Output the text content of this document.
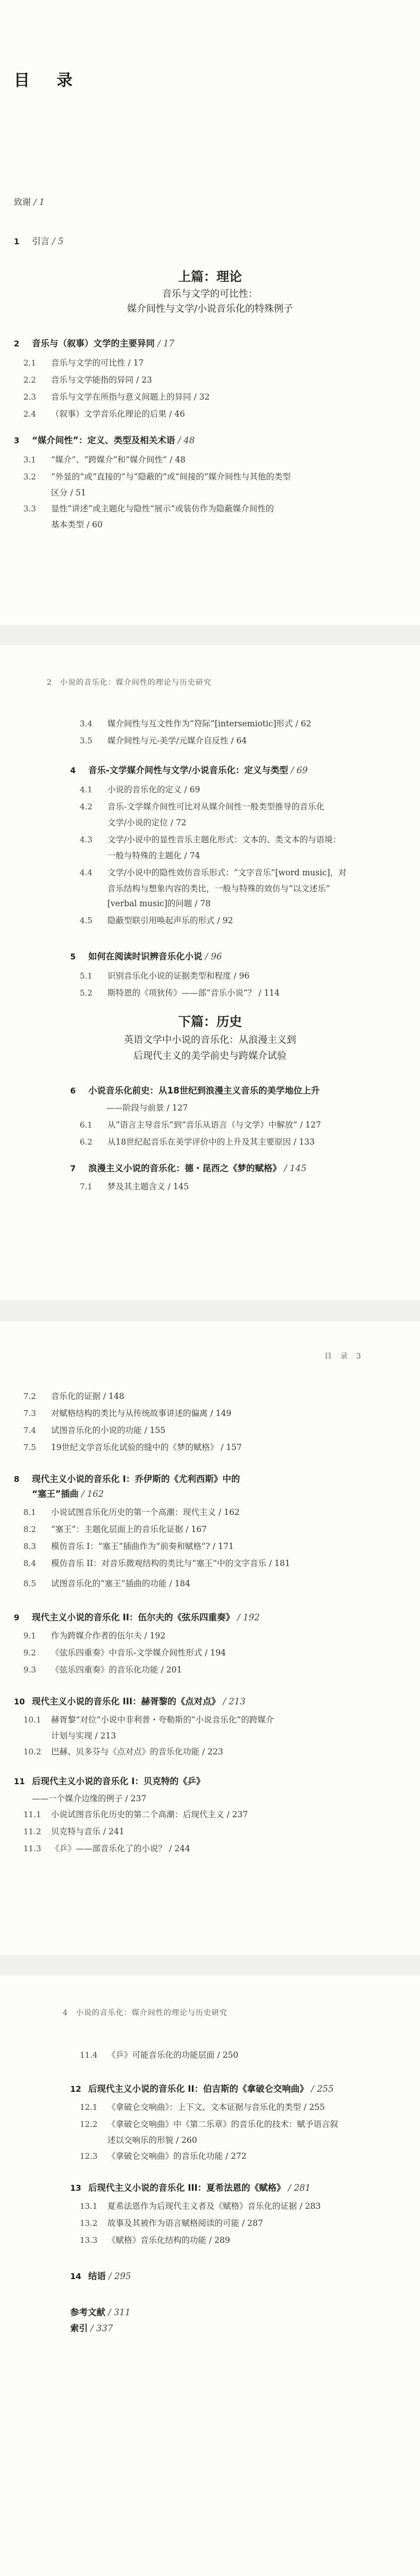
目 录
致谢 / 1
1 引言 / 5
上篇：理论
音乐与文学的可比性：
媒介间性与文学/小说音乐化的特殊例子
2 音乐与（叙事）文学的主要异同 / 17
2.1 音乐与文学的可比性 / 17
2.2 音乐与文学能指的异同 / 23
2.3 音乐与文学在所指与意义间题上的异同 / 32
2.4 （叙事）文学音乐化理论的后果 / 46
3 “媒介间性”：定义、类型及相关术语 / 48
3.1 “媒介”、“跨媒介”和“媒介间性” / 48
3.2 “外显的”或“直接的”与“隐蔽的”或“间接的”媒介间性与其他的类型
区分 / 51
3.3 显性“讲述”或主题化与隐性“展示”或装仿作为隐蔽媒介间性的
基本类型 / 60
2　小说的音乐化：媒介间性的理论与历史研究
3.4 媒介间性与互文性作为“符际”[intersemiotic]形式 / 62
3.5 媒介间性与元-美学/元媒介自反性 / 64
4 音乐-文学媒介间性与文学/小说音乐化：定义与类型 / 69
4.1 小说的音乐化的定义 / 69
4.2 音乐-文学媒介间性可比对从媒介间性一般类型推导的音乐化
文学/小说的定位 / 72
4.3 文学/小说中的显性音乐主题化形式：文本的、类文本的与语境：
一般与特殊的主题化 / 74
4.4 文学/小说中的隐性效仿音乐形式：“文字音乐”[word music]，对
音乐结构与想象内容的类比，一般与特殊的效仿与“以文述乐”
[verbal music]的问题 / 78
4.5 隐蔽型联引用唤起声乐的形式 / 92
5 如何在阅读时识辨音乐化小说 / 96
5.1 识别音乐化小说的证据类型和程度 / 96
5.2 斯特恩的《项狄传》——部“音乐小说”？ / 114
下篇：历史
英语文学中小说的音乐化：从浪漫主义到
后现代主义的美学前史与跨媒介试验
6 小说音乐化前史：从18世纪到浪漫主义音乐的美学地位上升
——阶段与前景 / 127
6.1 从“语言主导音乐”到“音乐从语言（与文学）中解放” / 127
6.2 从18世纪起音乐在美学评价中的上升及其主要原因 / 133
7 浪漫主义小说的音乐化：德・昆西之《梦的赋格》 / 145
7.1 梦及其主题含义 / 145
目　录　3
7.2 音乐化的证据 / 148
7.3 对赋格结构的类比与从传统故事讲述的偏离 / 149
7.4 试图音乐化的小说的功能 / 155
7.5 19世纪文学音乐化试验的缝中的《梦的赋格》 / 157
8 现代主义小说的音乐化 I：乔伊斯的《尤利西斯》中的
“塞王”插曲 / 162
8.1 小说试图音乐化历史的第一个高潮：现代主义 / 162
8.2 “塞王”：主题化层面上的音乐化证据 / 167
8.3 模仿音乐 I：“塞王”插曲作为“前奏和赋格”? / 171
8.4 模仿音乐 II：对音乐微观结构的类比与“塞王”中的文字音乐 / 181
8.5 试图音乐化的“塞王”插曲的功能 / 184
9 现代主义小说的音乐化 II：伍尔夫的《弦乐四重奏》 / 192
9.1 作为跨媒介作者的伍尔夫 / 192
9.2 《弦乐四重奏》中音乐-文学媒介间性形式 / 194
9.3 《弦乐四重奏》的音乐化功能 / 201
10 现代主义小说的音乐化 III：赫胥黎的《点对点》 / 213
10.1 赫胥黎“对位”小说中非利普・夸勒斯的“小说音乐化”的跨媒介
计划与实现 / 213
10.2 巴赫、贝多芬与《点对点》的音乐化功能 / 223
11 后现代主义小说的音乐化 I：贝克特的《乒》
——一个媒介边缘的例子 / 237
11.1 小说试图音乐化历史的第二个高潮：后现代主义 / 237
11.2 贝克特与音乐 / 241
11.3 《乒》——部音乐化了的小说？ / 244
4　小说的音乐化：媒介间性的理论与历史研究
11.4 《乒》可能音乐化的功能层面 / 250
12 后现代主义小说的音乐化 II：伯吉斯的《拿破仑交响曲》 / 255
12.1 《拿破仑交响曲》：上下文、文本证据与音乐化的类型 / 255
12.2 《拿破仑交响曲》中《第二乐章》的音乐化的技术：赋予语言叙
述以交响乐的形貌 / 260
12.3 《拿破仑交响曲》的音乐化功能 / 272
13 后现代主义小说的音乐化 III：夏希法恩的《赋格》 / 281
13.1 夏希法恩作为后现代主义者及《赋格》音乐化的证据 / 283
13.2 故事及其被作为语言赋格阅读的可能 / 287
13.3 《赋格》音乐化结构的功能 / 289
14 结语 / 295
参考文献 / 311
索引 / 337
